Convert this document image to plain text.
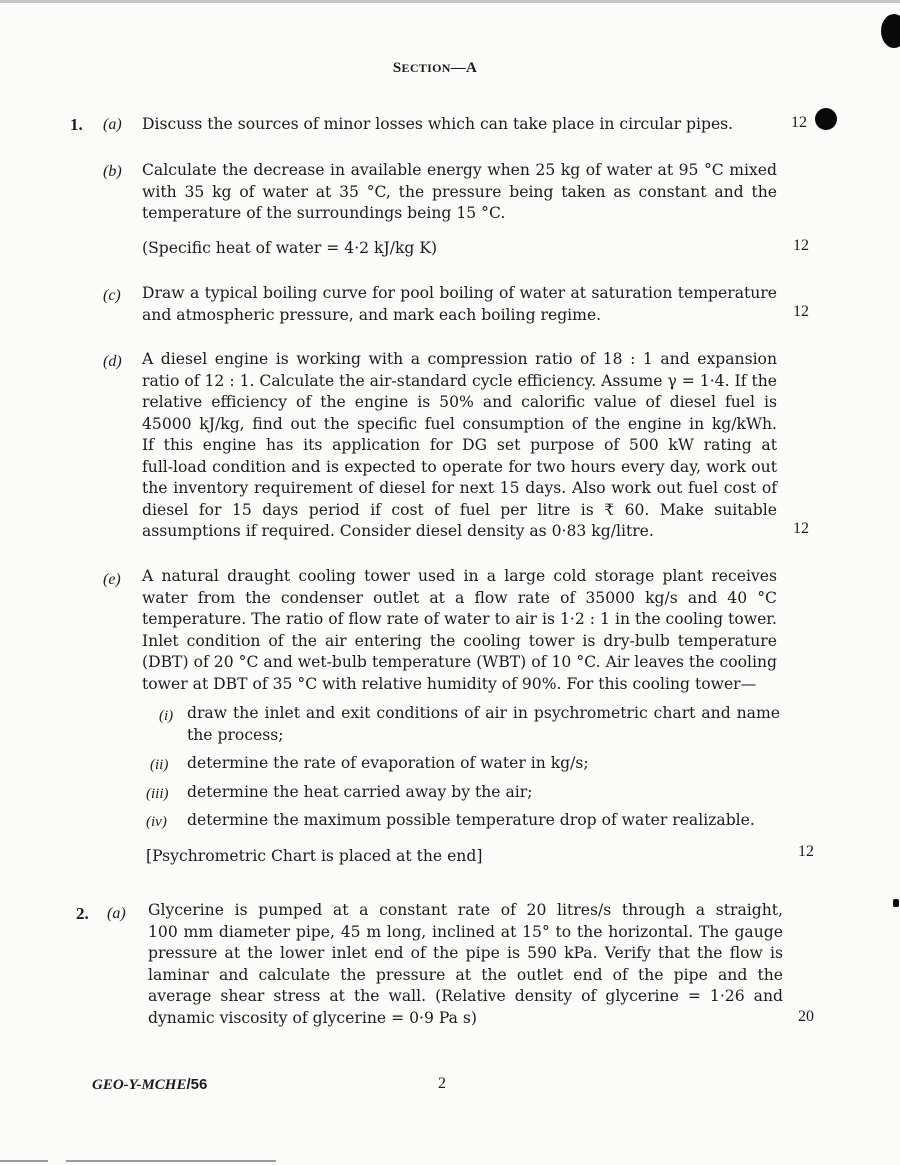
SECTION—A
1. (a) Discuss the sources of minor losses which can take place in circular pipes.	12
(b) Calculate the decrease in available energy when 25 kg of water at 95 °C mixed
with 35 kg of water at 35 °C, the pressure being taken as constant and the
temperature of the surroundings being 15 °C.
(Specific heat of water = 4·2 kJ/kg K)	12
(c) Draw a typical boiling curve for pool boiling of water at saturation temperature
and atmospheric pressure, and mark each boiling regime.	12
(d) A diesel engine is working with a compression ratio of 18 : 1 and expansion
ratio of 12 : 1. Calculate the air-standard cycle efficiency. Assume γ = 1·4. If the
relative efficiency of the engine is 50% and calorific value of diesel fuel is
45000 kJ/kg, find out the specific fuel consumption of the engine in kg/kWh.
If this engine has its application for DG set purpose of 500 kW rating at
full-load condition and is expected to operate for two hours every day, work out
the inventory requirement of diesel for next 15 days. Also work out fuel cost of
diesel for 15 days period if cost of fuel per litre is ₹ 60. Make suitable
assumptions if required. Consider diesel density as 0·83 kg/litre.	12
(e) A natural draught cooling tower used in a large cold storage plant receives
water from the condenser outlet at a flow rate of 35000 kg/s and 40 °C
temperature. The ratio of flow rate of water to air is 1·2 : 1 in the cooling tower.
Inlet condition of the air entering the cooling tower is dry-bulb temperature
(DBT) of 20 °C and wet-bulb temperature (WBT) of 10 °C. Air leaves the cooling
tower at DBT of 35 °C with relative humidity of 90%. For this cooling tower—
(i) draw the inlet and exit conditions of air in psychrometric chart and name
the process;
(ii) determine the rate of evaporation of water in kg/s;
(iii) determine the heat carried away by the air;
(iv) determine the maximum possible temperature drop of water realizable.
[Psychrometric Chart is placed at the end]	12
2. (a) Glycerine is pumped at a constant rate of 20 litres/s through a straight,
100 mm diameter pipe, 45 m long, inclined at 15° to the horizontal. The gauge
pressure at the lower inlet end of the pipe is 590 kPa. Verify that the flow is
laminar and calculate the pressure at the outlet end of the pipe and the
average shear stress at the wall. (Relative density of glycerine = 1·26 and
dynamic viscosity of glycerine = 0·9 Pa s)	20
GEO-Y-MCHE/56	2
